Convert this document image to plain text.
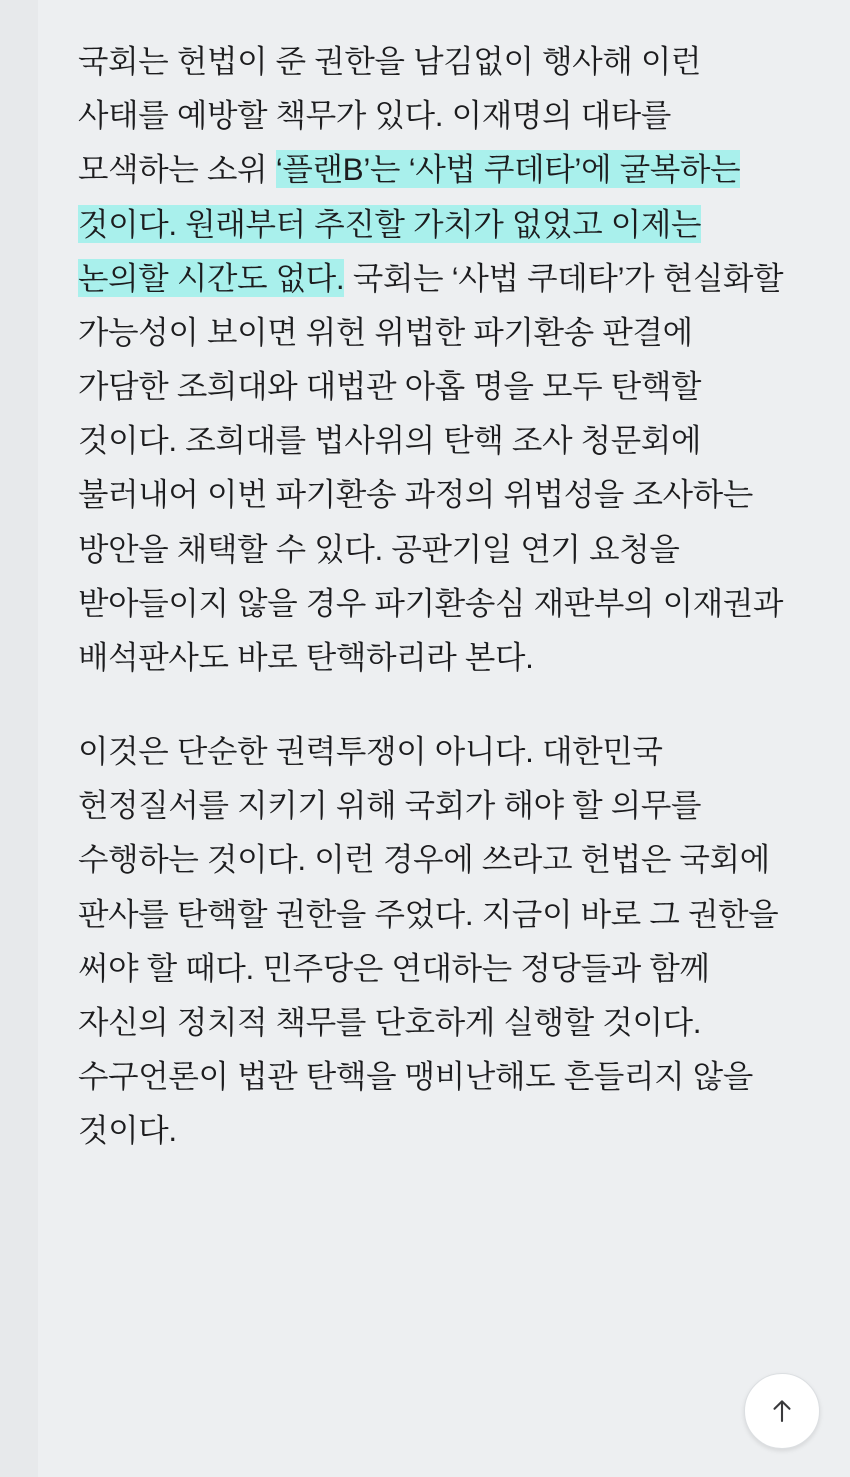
국회는 헌법이 준 권한을 남김없이 행사해 이런 사태를 예방할 책무가 있다. 이재명의 대타를 모색하는 소위 ‘플랜B’는 ‘사법 쿠데타’에 굴복하는 것이다. 원래부터 추진할 가치가 없었고 이제는 논의할 시간도 없다. 국회는 ‘사법 쿠데타’가 현실화할 가능성이 보이면 위헌 위법한 파기환송 판결에 가담한 조희대와 대법관 아홉 명을 모두 탄핵할 것이다. 조희대를 법사위의 탄핵 조사 청문회에 불러내어 이번 파기환송 과정의 위법성을 조사하는 방안을 채택할 수 있다. 공판기일 연기 요청을 받아들이지 않을 경우 파기환송심 재판부의 이재권과 배석판사도 바로 탄핵하리라 본다.

이것은 단순한 권력투쟁이 아니다. 대한민국 헌정질서를 지키기 위해 국회가 해야 할 의무를 수행하는 것이다. 이런 경우에 쓰라고 헌법은 국회에 판사를 탄핵할 권한을 주었다. 지금이 바로 그 권한을 써야 할 때다. 민주당은 연대하는 정당들과 함께 자신의 정치적 책무를 단호하게 실행할 것이다. 수구언론이 법관 탄핵을 맹비난해도 흔들리지 않을 것이다.
